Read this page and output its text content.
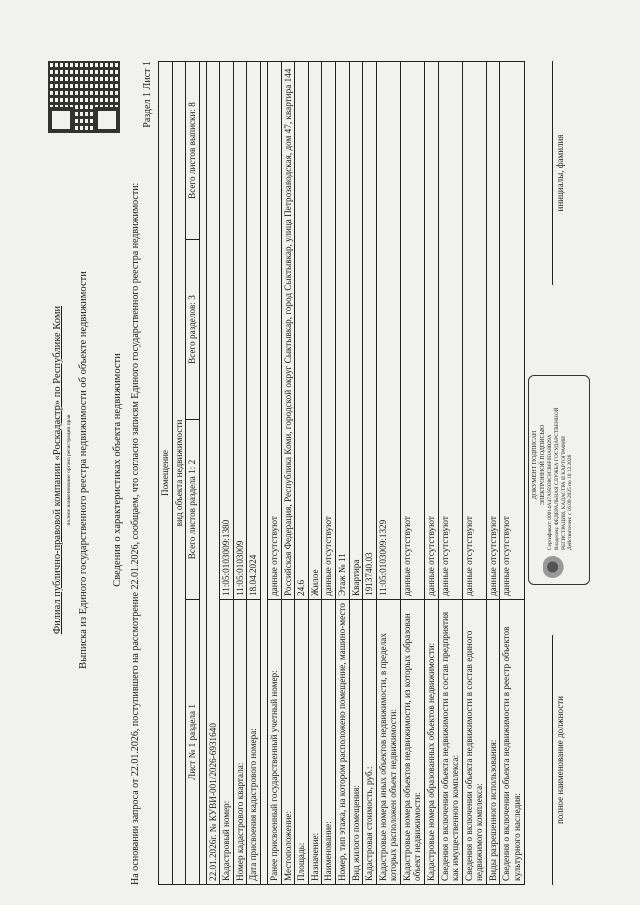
Филиал публично-правовой компании «Роскадастр» по Республике Коми полное наименование органа регистрации прав Выписка из Единого государственного реестра недвижимости об объекте недвижимости Сведения о характеристиках объекта недвижимости На основании запроса от 22.01.2026, поступившего на рассмотрение 22.01.2026, сообщаем, что согласно записям Единого государственного реестра недвижимости:
Раздел 1 Лист 1
Помещение			
вид объекта недвижимости			
Лист № 1 раздела 1	Всего листов раздела 1: 2	Всего разделов: 3	Всего листов выписки: 8

22.01.2026г. № КУВИ-001/2026-6931640			
Кадастровый номер:	11:05:0103009:1380		
Номер кадастрового квартала:	11:05:0103009		
Дата присвоения кадастрового номера:	18.04.2024		

Ранее присвоенный государственный учетный номер:	данные отсутствуют		
Местоположение:	Российская Федерация, Республика Коми, городской округ Сыктывкар, город Сыктывкар, улица Петрозаводская, дом 47, квартира 144		
Площадь:	24.6		
Назначение:	Жилое		
Наименование:	данные отсутствуют		
Номер, тип этажа, на котором расположено помещение, машино-место	Этаж № 11		
Вид жилого помещения:	Квартира		
Кадастровая стоимость, руб.:	1913740.03		
Кадастровые номера иных объектов недвижимости, в пределах которых расположен объект недвижимости:	11:05:0103009:1329		
Кадастровые номера объектов недвижимости, из которых образован объект недвижимости:	данные отсутствуют		
Кадастровые номера образованных объектов недвижимости:	данные отсутствуют		
Сведения о включении объекта недвижимости в состав предприятия как имущественного комплекса:	данные отсутствуют		
Сведения о включении объекта недвижимости в состав единого недвижимого комплекса:	данные отсутствуют		
Виды разрешенного использования:	данные отсутствуют		
Сведения о включении объекта недвижимости в реестр объектов культурного наследия:	данные отсутствуют		
полное наименование должности
ДОКУМЕНТ ПОДПИСАН ЭЛЕКТРОННОЙ ПОДПИСЬЮ Сертификат: 00014A47A95938C8CB6F0DA8B29A Владелец: ФЕДЕРАЛЬНАЯ СЛУЖБА ГОСУДАРСТВЕННОЙ РЕГИСТРАЦИИ, КАДАСТРА И КАРТОГРАФИИ Действителен: с 16.09.2025 по 10.12.2026
инициалы, фамилия
